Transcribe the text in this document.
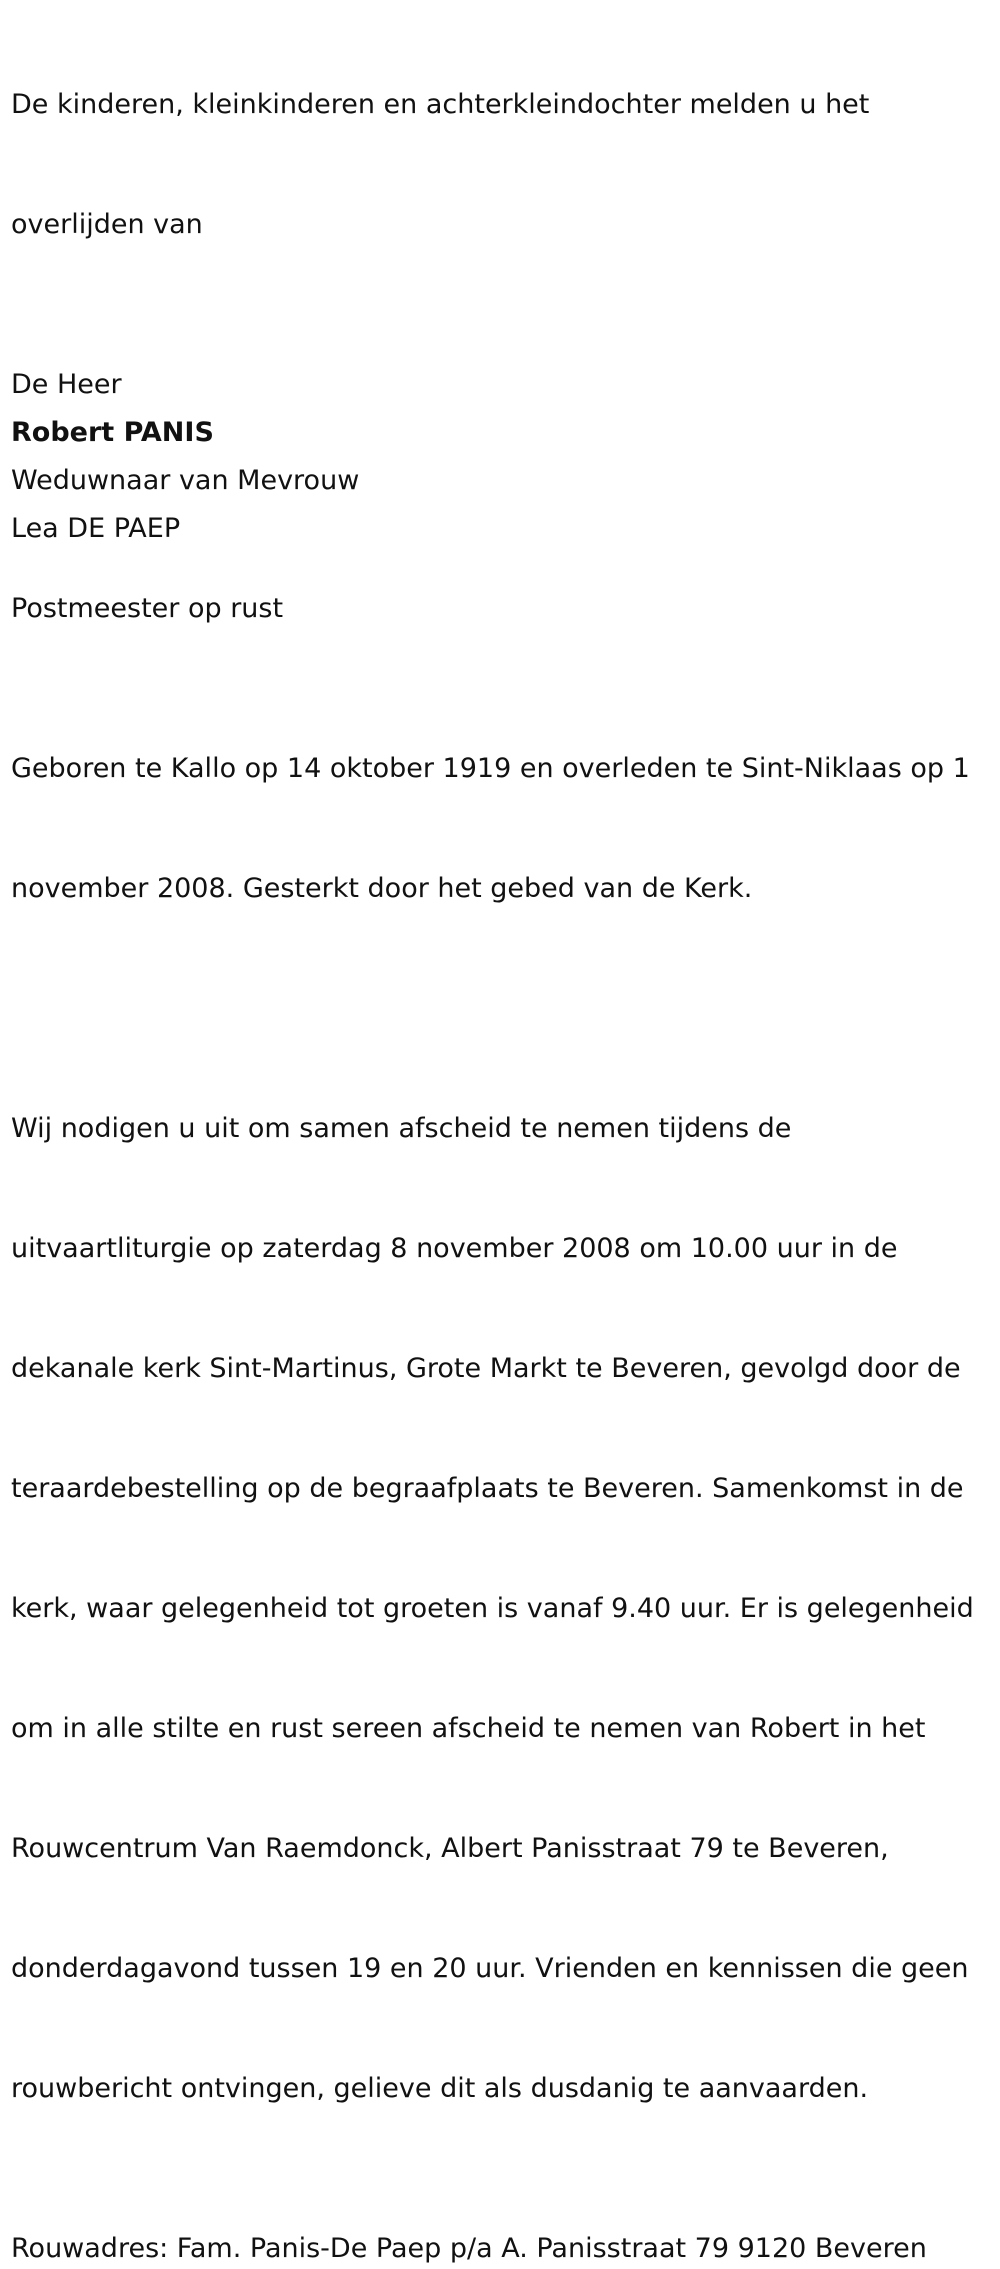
De kinderen, kleinkinderen en achterkleindochter melden u het

overlijden van

De Heer

Robert PANIS

Weduwnaar van Mevrouw

Lea DE PAEP

Postmeester op rust

Geboren te Kallo op 14 oktober 1919 en overleden te Sint-Niklaas op 1

november 2008. Gesterkt door het gebed van de Kerk.

Wij nodigen u uit om samen afscheid te nemen tijdens de

uitvaartliturgie op zaterdag 8 november 2008 om 10.00 uur in de

dekanale kerk Sint-Martinus, Grote Markt te Beveren, gevolgd door de

teraardebestelling op de begraafplaats te Beveren. Samenkomst in de

kerk, waar gelegenheid tot groeten is vanaf 9.40 uur. Er is gelegenheid

om in alle stilte en rust sereen afscheid te nemen van Robert in het

Rouwcentrum Van Raemdonck, Albert Panisstraat 79 te Beveren,

donderdagavond tussen 19 en 20 uur. Vrienden en kennissen die geen

rouwbericht ontvingen, gelieve dit als dusdanig te aanvaarden.

Rouwadres: Fam. Panis-De Paep p/a A. Panisstraat 79 9120 Beveren
